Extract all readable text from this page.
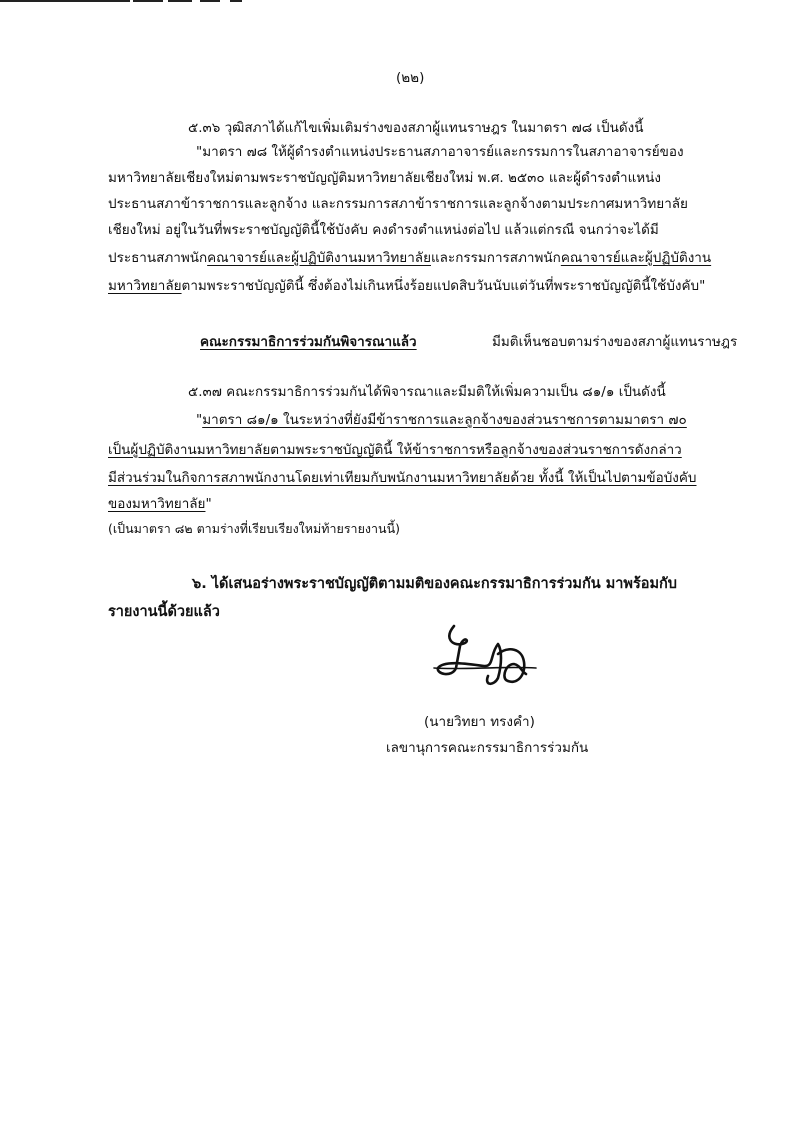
(๒๒)
๕.๓๖ วุฒิสภาได้แก้ไขเพิ่มเติมร่างของสภาผู้แทนราษฎร ในมาตรา ๗๘ เป็นดังนี้
"มาตรา ๗๘ ให้ผู้ดำรงตำแหน่งประธานสภาอาจารย์และกรรมการในสภาอาจารย์ของ
มหาวิทยาลัยเชียงใหม่ตามพระราชบัญญัติมหาวิทยาลัยเชียงใหม่ พ.ศ. ๒๕๓๐ และผู้ดำรงตำแหน่ง
ประธานสภาข้าราชการและลูกจ้าง และกรรมการสภาข้าราชการและลูกจ้างตามประกาศมหาวิทยาลัย
เชียงใหม่ อยู่ในวันที่พระราชบัญญัตินี้ใช้บังคับ คงดำรงตำแหน่งต่อไป แล้วแต่กรณี จนกว่าจะได้มี
ประธานสภาพนักคณาจารย์และผู้ปฏิบัติงานมหาวิทยาลัยและกรรมการสภาพนักคณาจารย์และผู้ปฏิบัติงาน
มหาวิทยาลัยตามพระราชบัญญัตินี้ ซึ่งต้องไม่เกินหนึ่งร้อยแปดสิบวันนับแต่วันที่พระราชบัญญัตินี้ใช้บังคับ"
คณะกรรมาธิการร่วมกันพิจารณาแล้ว	มีมติเห็นชอบตามร่างของสภาผู้แทนราษฎร
๕.๓๗ คณะกรรมาธิการร่วมกันได้พิจารณาและมีมติให้เพิ่มความเป็น ๘๑/๑ เป็นดังนี้
"มาตรา ๘๑/๑ ในระหว่างที่ยังมีข้าราชการและลูกจ้างของส่วนราชการตามมาตรา ๗๐
เป็นผู้ปฏิบัติงานมหาวิทยาลัยตามพระราชบัญญัตินี้ ให้ข้าราชการหรือลูกจ้างของส่วนราชการดังกล่าว
มีส่วนร่วมในกิจการสภาพนักงานโดยเท่าเทียมกับพนักงานมหาวิทยาลัยด้วย ทั้งนี้ ให้เป็นไปตามข้อบังคับ
ของมหาวิทยาลัย"
(เป็นมาตรา ๘๒ ตามร่างที่เรียบเรียงใหม่ท้ายรายงานนี้)
๖. ได้เสนอร่างพระราชบัญญัติตามมติของคณะกรรมาธิการร่วมกัน มาพร้อมกับ
รายงานนี้ด้วยแล้ว
(นายวิทยา ทรงคำ)
เลขานุการคณะกรรมาธิการร่วมกัน
